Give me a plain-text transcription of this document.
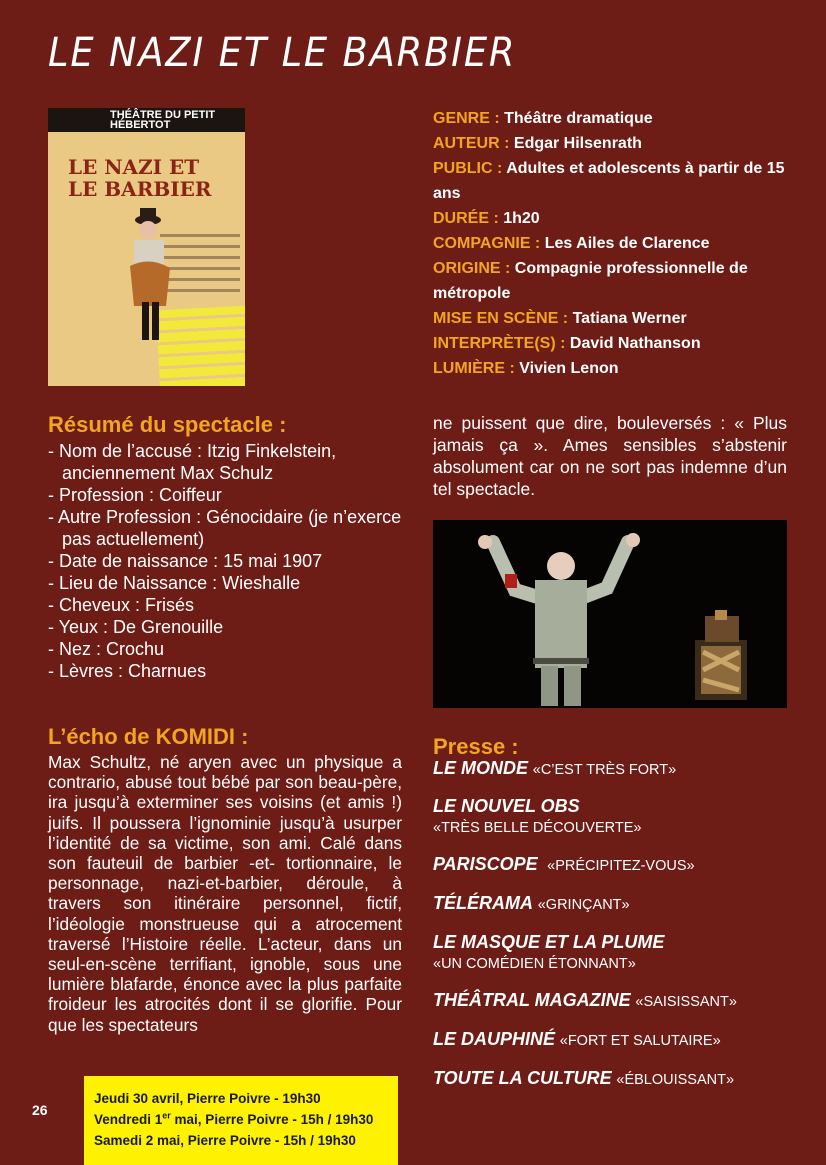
LE NAZI ET LE BARBIER
THÉÂTRE DU PETIT HÉBERTOT
LE NAZI ET LE BARBIER
GENRE : Théâtre dramatique
AUTEUR : Edgar Hilsenrath
PUBLIC : Adultes et adolescents à partir de 15 ans
DURÉE : 1h20
COMPAGNIE : Les Ailes de Clarence
ORIGINE : Compagnie professionnelle de métropole
MISE EN SCÈNE : Tatiana Werner
INTERPRÈTE(S) : David Nathanson
LUMIÈRE : Vivien Lenon
Résumé du spectacle :
- Nom de l’accusé : Itzig Finkelstein, anciennement Max Schulz
- Profession : Coiffeur
- Autre Profession : Génocidaire (je n’exerce pas actuellement)
- Date de naissance : 15 mai 1907
- Lieu de Naissance : Wieshalle
- Cheveux : Frisés
- Yeux : De Grenouille
- Nez : Crochu
- Lèvres : Charnues
L’écho de KOMIDI :
Max Schultz, né aryen avec un physique a contrario, abusé tout bébé par son beau-père, ira jusqu’à exterminer ses voisins (et amis !) juifs. Il poussera l’ignominie jusqu’à usurper l’identité de sa victime, son ami. Calé dans son fauteuil de barbier -et- tortionnaire, le personnage, nazi-et-barbier, déroule, à travers son itinéraire personnel, fictif, l’idéologie monstrueuse qui a atrocement traversé l’Histoire réelle. L’acteur, dans un seul-en-scène terrifiant, ignoble, sous une lumière blafarde, énonce avec la plus parfaite froideur les atrocités dont il se glorifie. Pour que les spectateurs
ne puissent que dire, bouleversés : « Plus jamais ça ». Ames sensibles s’abstenir absolument car on ne sort pas indemne d’un tel spectacle.
Presse :
LE MONDE «C’EST TRÈS FORT»
LE NOUVEL OBS
«TRÈS BELLE DÉCOUVERTE»
PARISCOPE «PRÉCIPITEZ-VOUS»
TÉLÉRAMA «GRINÇANT»
LE MASQUE ET LA PLUME
«UN COMÉDIEN ÉTONNANT»
THÉÂTRAL MAGAZINE «SAISISSANT»
LE DAUPHINÉ «FORT ET SALUTAIRE»
TOUTE LA CULTURE «ÉBLOUISSANT»
26
Jeudi 30 avril, Pierre Poivre - 19h30
Vendredi 1er mai, Pierre Poivre - 15h / 19h30
Samedi 2 mai, Pierre Poivre - 15h / 19h30
